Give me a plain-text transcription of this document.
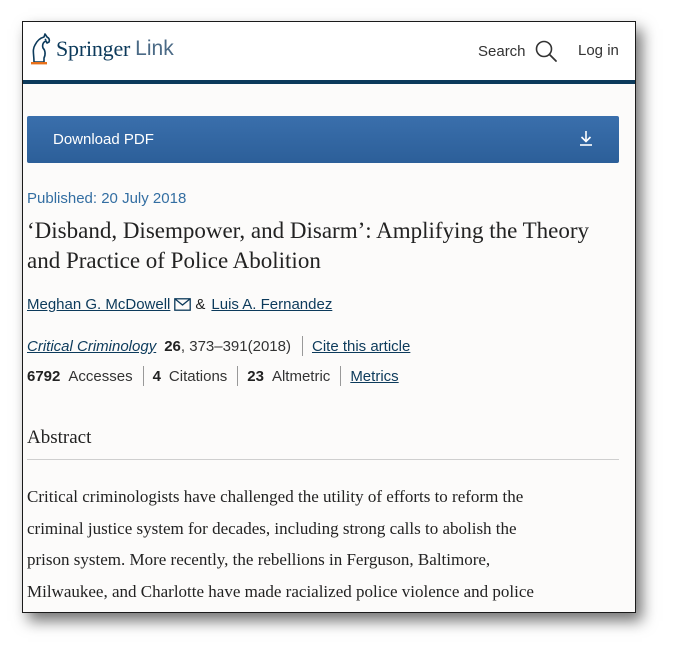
Springer Link	Search	Log in
Download PDF
Published: 20 July 2018
‘Disband, Disempower, and Disarm’: Amplifying the Theory and Practice of Police Abolition
Meghan G. McDowell & Luis A. Fernandez
Critical Criminology 26 , 373–391(2018) Cite this article
6792 Accesses 4 Citations 23 Altmetric Metrics
Abstract
Critical criminologists have challenged the utility of efforts to reform the
criminal justice system for decades, including strong calls to abolish the
prison system. More recently, the rebellions in Ferguson, Baltimore,
Milwaukee, and Charlotte have made racialized police violence and police
